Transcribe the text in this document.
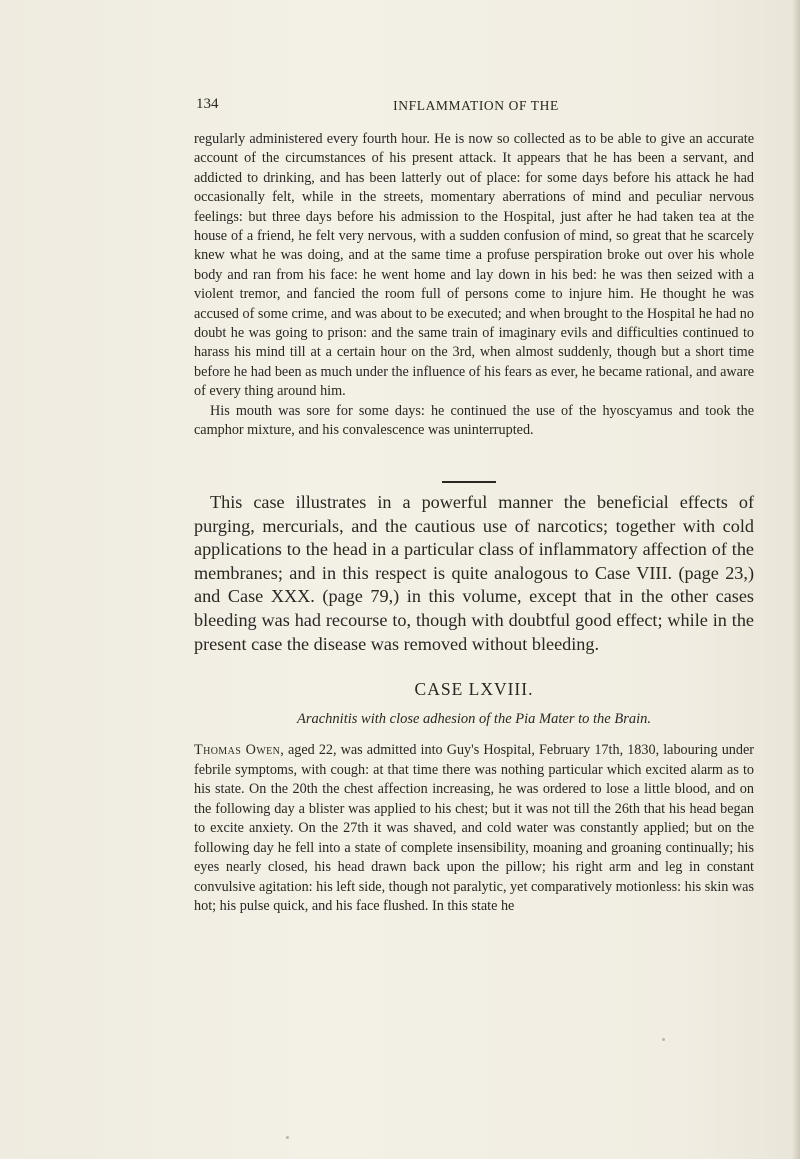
134	INFLAMMATION OF THE

regularly administered every fourth hour. He is now so collected as to be able to give an accurate account of the circumstances of his present attack. It appears that he has been a servant, and addicted to drinking, and has been latterly out of place: for some days before his attack he had occasionally felt, while in the streets, momentary aberrations of mind and peculiar nervous feelings: but three days before his admission to the Hospital, just after he had taken tea at the house of a friend, he felt very nervous, with a sudden confusion of mind, so great that he scarcely knew what he was doing, and at the same time a profuse perspiration broke out over his whole body and ran from his face: he went home and lay down in his bed: he was then seized with a violent tremor, and fancied the room full of persons come to injure him. He thought he was accused of some crime, and was about to be executed; and when brought to the Hospital he had no doubt he was going to prison: and the same train of imaginary evils and difficulties continued to harass his mind till at a certain hour on the 3rd, when almost suddenly, though but a short time before he had been as much under the influence of his fears as ever, he became rational, and aware of every thing around him.

His mouth was sore for some days: he continued the use of the hyoscyamus and took the camphor mixture, and his convalescence was uninterrupted.

This case illustrates in a powerful manner the beneficial effects of purging, mercurials, and the cautious use of narcotics; together with cold applications to the head in a particular class of inflammatory affection of the membranes; and in this respect is quite analogous to Case VIII. (page 23,) and Case XXX. (page 79,) in this volume, except that in the other cases bleeding was had recourse to, though with doubtful good effect; while in the present case the disease was removed without bleeding.

CASE LXVIII.
Arachnitis with close adhesion of the Pia Mater to the Brain.

Thomas Owen, aged 22, was admitted into Guy's Hospital, February 17th, 1830, labouring under febrile symptoms, with cough: at that time there was nothing particular which excited alarm as to his state. On the 20th the chest affection increasing, he was ordered to lose a little blood, and on the following day a blister was applied to his chest; but it was not till the 26th that his head began to excite anxiety. On the 27th it was shaved, and cold water was constantly applied; but on the following day he fell into a state of complete insensibility, moaning and groaning continually; his eyes nearly closed, his head drawn back upon the pillow; his right arm and leg in constant convulsive agitation: his left side, though not paralytic, yet comparatively motionless: his skin was hot; his pulse quick, and his face flushed. In this state he
